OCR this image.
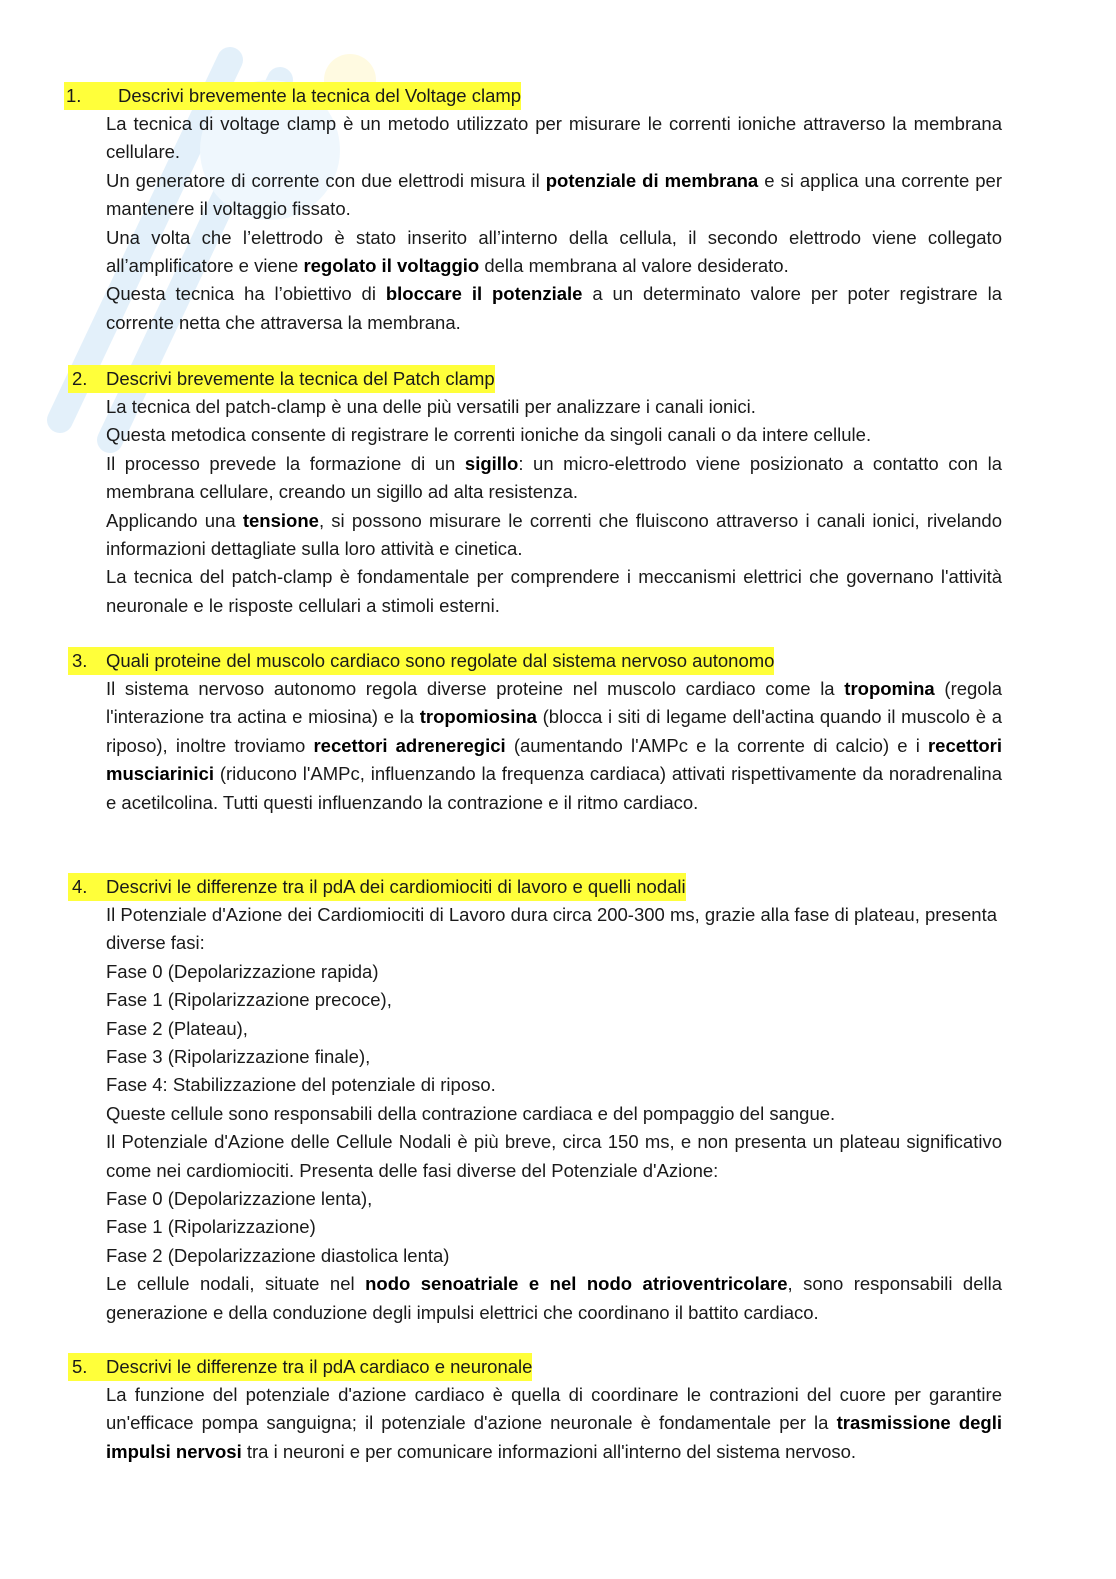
1.	Descrivi brevemente la tecnica del Voltage clamp

La tecnica di voltage clamp è un metodo utilizzato per misurare le correnti ioniche attraverso la membrana cellulare.

Un generatore di corrente con due elettrodi misura il potenziale di membrana e si applica una corrente per mantenere il voltaggio fissato.

Una volta che l’elettrodo è stato inserito all’interno della cellula, il secondo elettrodo viene collegato all’amplificatore e viene regolato il voltaggio della membrana al valore desiderato.

Questa tecnica ha l’obiettivo di bloccare il potenziale a un determinato valore per poter registrare la corrente netta che attraversa la membrana.

2.	Descrivi brevemente la tecnica del Patch clamp

La tecnica del patch-clamp è una delle più versatili per analizzare i canali ionici.

Questa metodica consente di registrare le correnti ioniche da singoli canali o da intere cellule.

Il processo prevede la formazione di un sigillo: un micro-elettrodo viene posizionato a contatto con la membrana cellulare, creando un sigillo ad alta resistenza.

Applicando una tensione, si possono misurare le correnti che fluiscono attraverso i canali ionici, rivelando informazioni dettagliate sulla loro attività e cinetica.

La tecnica del patch-clamp è fondamentale per comprendere i meccanismi elettrici che governano l'attività neuronale e le risposte cellulari a stimoli esterni.

3.	Quali proteine del muscolo cardiaco sono regolate dal sistema nervoso autonomo

Il sistema nervoso autonomo regola diverse proteine nel muscolo cardiaco come la tropomina (regola l'interazione tra actina e miosina) e la tropomiosina (blocca i siti di legame dell'actina quando il muscolo è a riposo), inoltre troviamo recettori adreneregici (aumentando l'AMPc e la corrente di calcio) e i recettori musciarinici (riducono l'AMPc, influenzando la frequenza cardiaca) attivati rispettivamente da noradrenalina e acetilcolina. Tutti questi influenzando la contrazione e il ritmo cardiaco.

4.	Descrivi le differenze tra il pdA dei cardiomiociti di lavoro e quelli nodali

Il Potenziale d'Azione dei Cardiomiociti di Lavoro dura circa 200-300 ms, grazie alla fase di plateau, presenta diverse fasi:

Fase 0 (Depolarizzazione rapida)

Fase 1 (Ripolarizzazione precoce),

Fase 2 (Plateau),

Fase 3 (Ripolarizzazione finale),

Fase 4: Stabilizzazione del potenziale di riposo.

Queste cellule sono responsabili della contrazione cardiaca e del pompaggio del sangue.

Il Potenziale d'Azione delle Cellule Nodali è più breve, circa 150 ms, e non presenta un plateau significativo come nei cardiomiociti. Presenta delle fasi diverse del Potenziale d'Azione:

Fase 0 (Depolarizzazione lenta),

Fase 1 (Ripolarizzazione)

Fase 2 (Depolarizzazione diastolica lenta)

Le cellule nodali, situate nel nodo senoatriale e nel nodo atrioventricolare, sono responsabili della generazione e della conduzione degli impulsi elettrici che coordinano il battito cardiaco.

5.	Descrivi le differenze tra il pdA cardiaco e neuronale

La funzione del potenziale d'azione cardiaco è quella di coordinare le contrazioni del cuore per garantire un'efficace pompa sanguigna; il potenziale d'azione neuronale è fondamentale per la trasmissione degli impulsi nervosi tra i neuroni e per comunicare informazioni all'interno del sistema nervoso.
